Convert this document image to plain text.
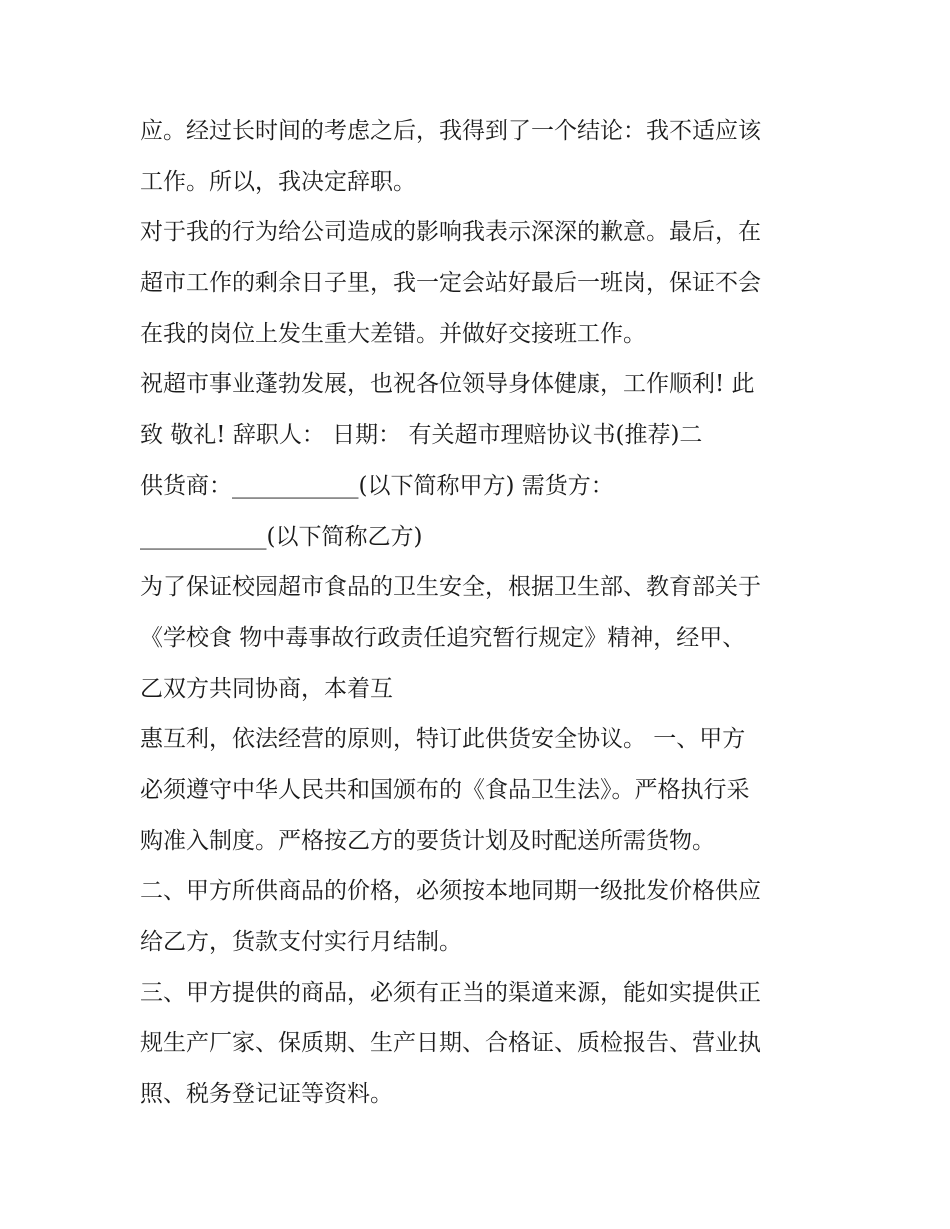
应。经过长时间的考虑之后，我得到了一个结论：我不适应该
工作。所以，我决定辞职。
对于我的行为给公司造成的影响我表示深深的歉意。最后，在
超市工作的剩余日子里，我一定会站好最后一班岗，保证不会
在我的岗位上发生重大差错。并做好交接班工作。
祝超市事业蓬勃发展，也祝各位领导身体健康，工作顺利! 此
致 敬礼! 辞职人： 日期： 有关超市理赔协议书(推荐)二
供货商：___________(以下简称甲方) 需货方：
___________(以下简称乙方)
为了保证校园超市食品的卫生安全，根据卫生部、教育部关于
《学校食 物中毒事故行政责任追究暂行规定》精神，经甲、
乙双方共同协商，本着互
惠互利，依法经营的原则，特订此供货安全协议。 一、甲方
必须遵守中华人民共和国颁布的《食品卫生法》。严格执行采
购准入制度。严格按乙方的要货计划及时配送所需货物。
二、甲方所供商品的价格，必须按本地同期一级批发价格供应
给乙方，货款支付实行月结制。
三、甲方提供的商品，必须有正当的渠道来源，能如实提供正
规生产厂家、保质期、生产日期、合格证、质检报告、营业执
照、税务登记证等资料。
